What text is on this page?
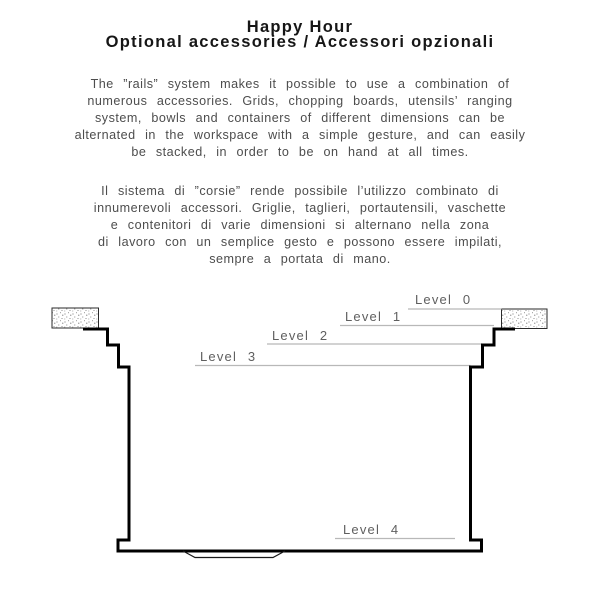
Happy Hour
Optional accessories / Accessori opzionali
The ”rails” system makes it possible to use a combination of
numerous accessories. Grids, chopping boards, utensils’ ranging
system, bowls and containers of different dimensions can be
alternated in the workspace with a simple gesture, and can easily
be stacked, in order to be on hand at all times.
Il sistema di ”corsie” rende possibile l’utilizzo combinato di
innumerevoli accessori. Griglie, taglieri, portautensili, vaschette
e contenitori di varie dimensioni si alternano nella zona
di lavoro con un semplice gesto e possono essere impilati,
sempre a portata di mano.
Level 0
Level 1
Level 2
Level 3
Level 4
